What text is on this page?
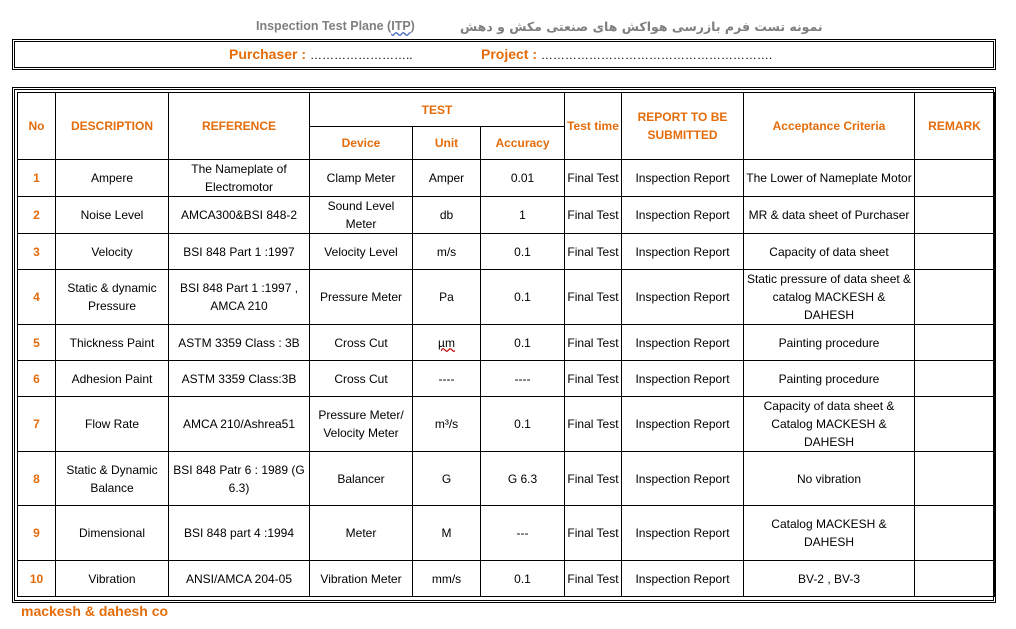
Inspection Test Plane (ITP)	نمونه تست فرم بازرسی هواکش های صنعتی مکش و دهش
Purchaser : ……………………..	Project : ………………………………………………….
No	DESCRIPTION	REFERENCE	TEST			Test time	REPORT TO BE SUBMITTED	Acceptance Criteria	REMARK
			Device	Unit	Accuracy				
1	Ampere	The Nameplate of Electromotor	Clamp Meter	Amper	0.01	Final Test	Inspection Report	The Lower of Nameplate Motor	
2	Noise Level	AMCA300&BSI 848-2	Sound Level Meter	db	1	Final Test	Inspection Report	MR & data sheet of Purchaser	
3	Velocity	BSI 848 Part 1 :1997	Velocity Level	m/s	0.1	Final Test	Inspection Report	Capacity of data sheet	
4	Static & dynamic Pressure	BSI 848 Part 1 :1997 , AMCA 210	Pressure Meter	Pa	0.1	Final Test	Inspection Report	Static pressure of data sheet & catalog MACKESH & DAHESH	
5	Thickness Paint	ASTM 3359 Class : 3B	Cross Cut	µm	0.1	Final Test	Inspection Report	Painting procedure	
6	Adhesion Paint	ASTM 3359 Class:3B	Cross Cut	----	----	Final Test	Inspection Report	Painting procedure	
7	Flow Rate	AMCA 210/Ashrea51	Pressure Meter/ Velocity Meter	m³/s	0.1	Final Test	Inspection Report	Capacity of data sheet & Catalog MACKESH & DAHESH	
8	Static & Dynamic Balance	BSI 848 Patr 6 : 1989 (G 6.3)	Balancer	G	G 6.3	Final Test	Inspection Report	No vibration	
9	Dimensional	BSI 848 part 4 :1994	Meter	M	---	Final Test	Inspection Report	Catalog MACKESH & DAHESH	
10	Vibration	ANSI/AMCA 204-05	Vibration Meter	mm/s	0.1	Final Test	Inspection Report	BV-2 , BV-3	
mackesh & dahesh co
